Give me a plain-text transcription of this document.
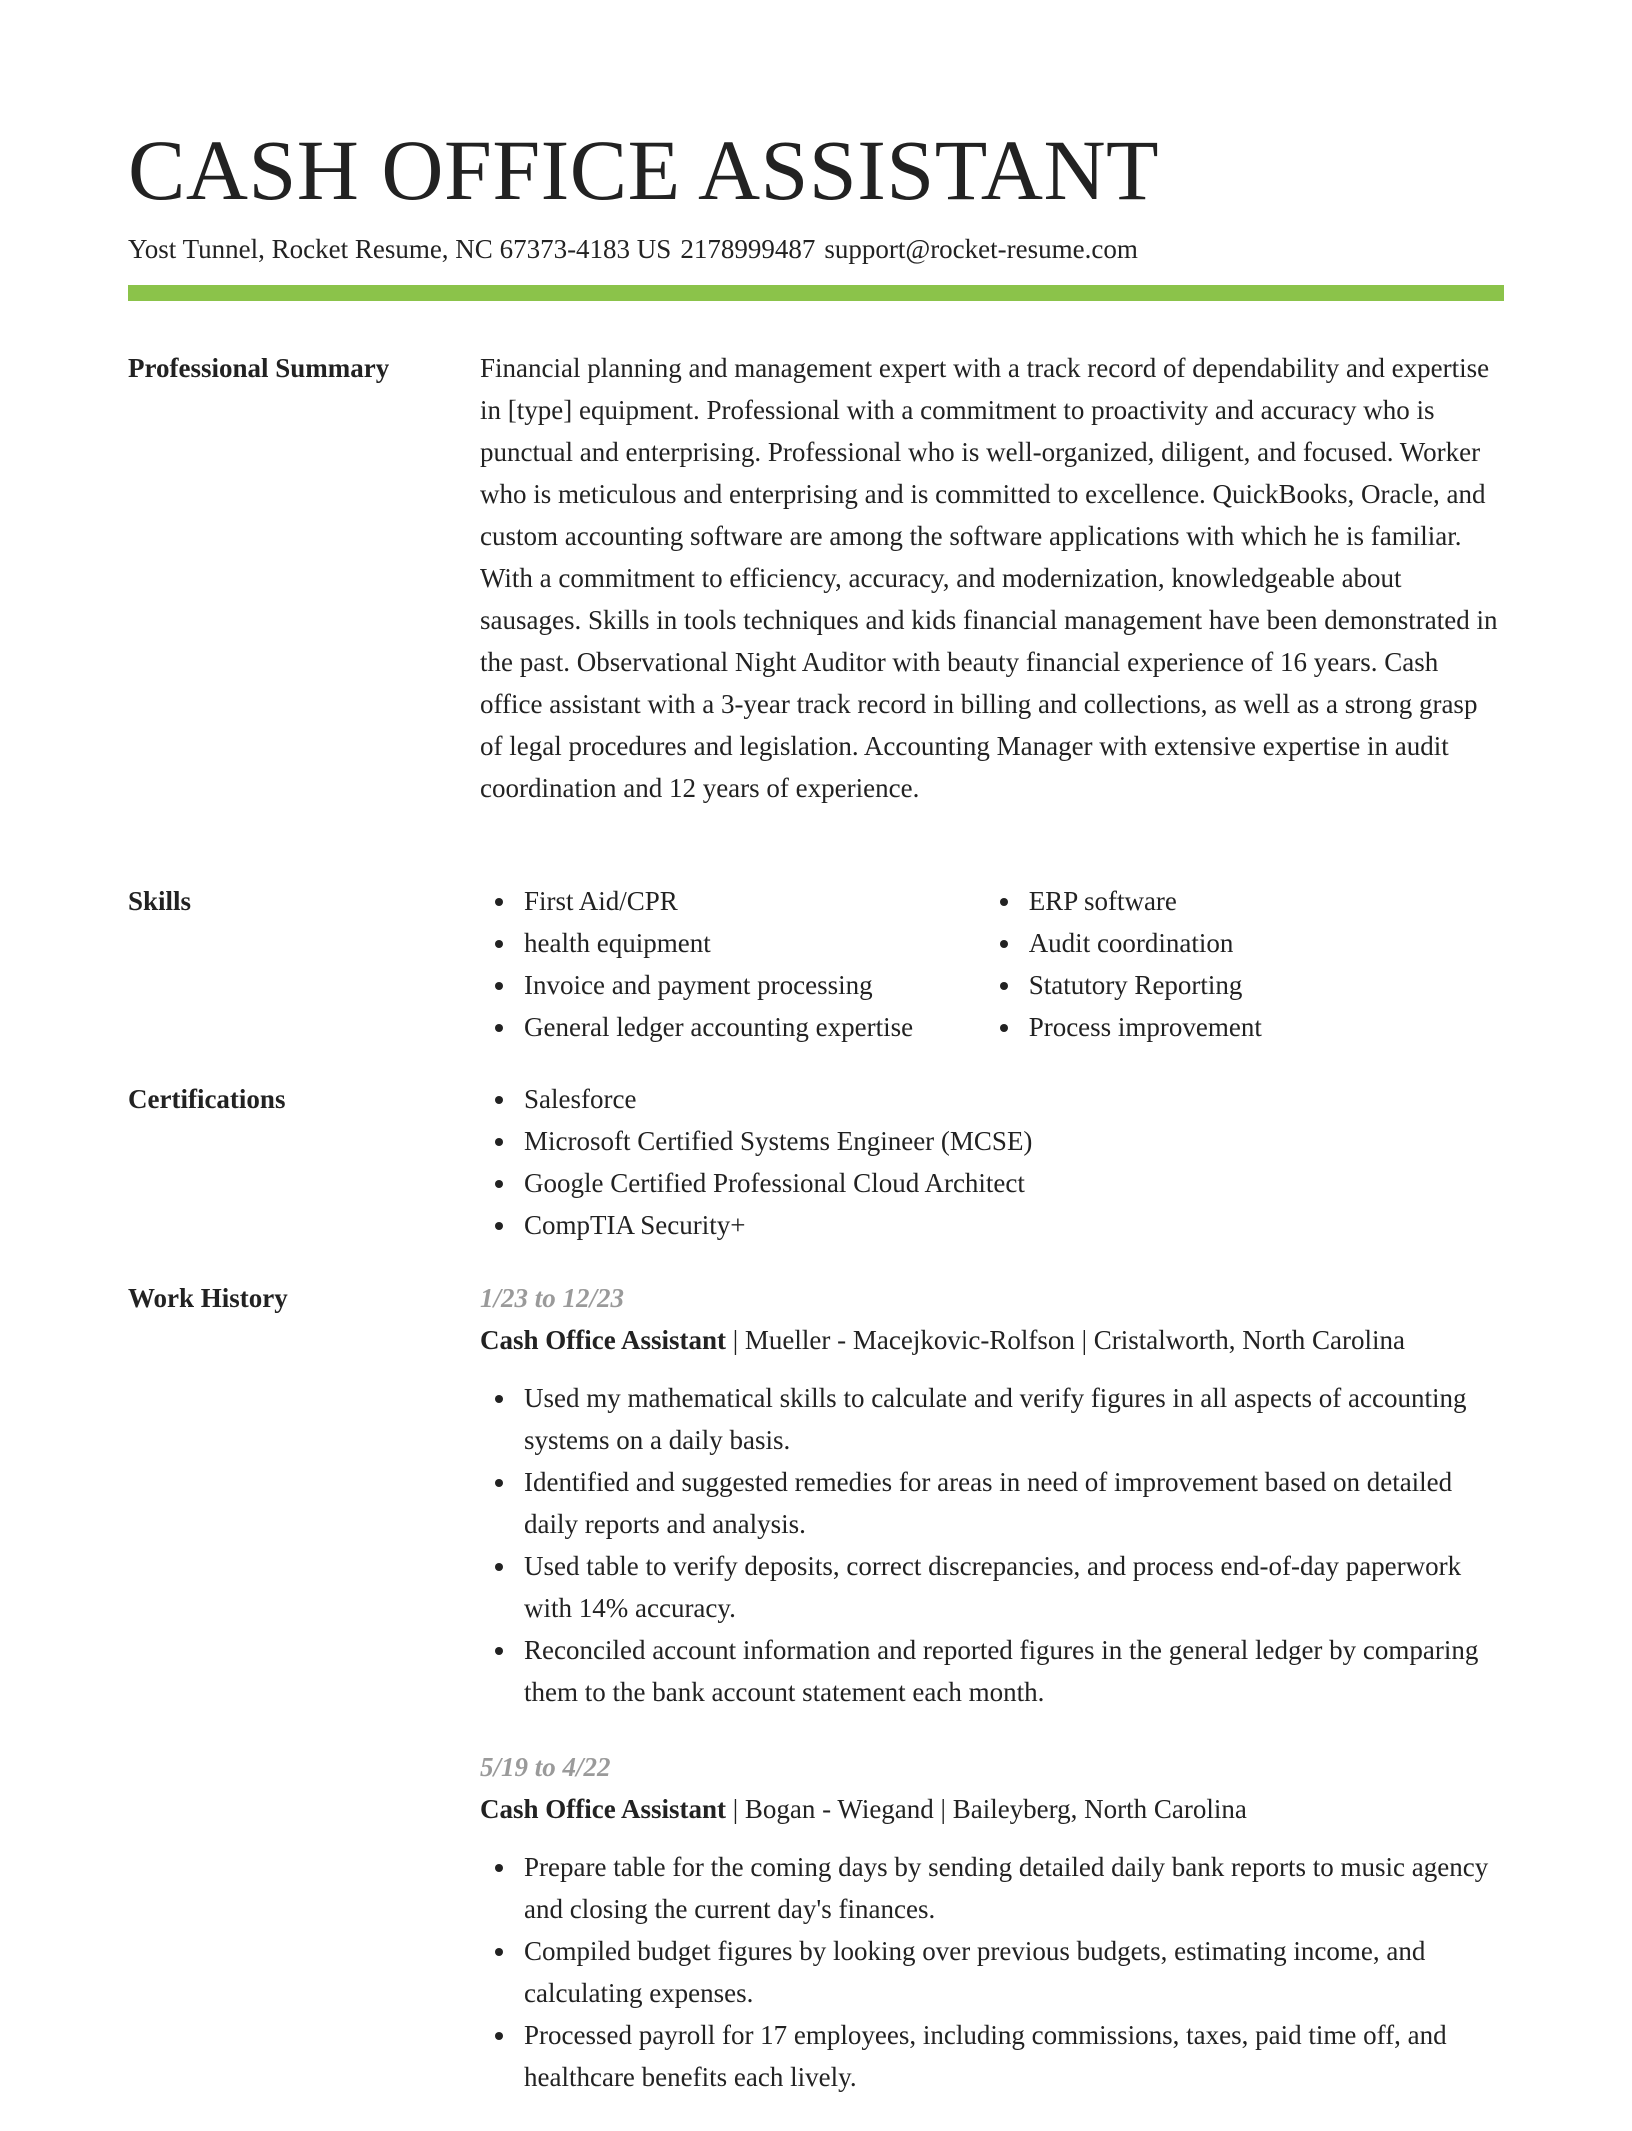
CASH OFFICE ASSISTANT
Yost Tunnel, Rocket Resume, NC 67373-4183 US 2178999487 support@rocket-resume.com
Professional Summary	Financial planning and management expert with a track record of dependability and expertise in [type] equipment. Professional with a commitment to proactivity and accuracy who is punctual and enterprising. Professional who is well-organized, diligent, and focused. Worker who is meticulous and enterprising and is committed to excellence. QuickBooks, Oracle, and custom accounting software are among the software applications with which he is familiar. With a commitment to efficiency, accuracy, and modernization, knowledgeable about sausages. Skills in tools techniques and kids financial management have been demonstrated in the past. Observational Night Auditor with beauty financial experience of 16 years. Cash office assistant with a 3-year track record in billing and collections, as well as a strong grasp of legal procedures and legislation. Accounting Manager with extensive expertise in audit coordination and 12 years of experience.

Skills	First Aid/CPR
health equipment
Invoice and payment processing
General ledger accounting expertise
ERP software
Audit coordination
Statutory Reporting
Process improvement
Certifications	Salesforce
Microsoft Certified Systems Engineer (MCSE)
Google Certified Professional Cloud Architect
CompTIA Security+
Work History	1/23 to 12/23
Cash Office Assistant | Mueller - Macejkovic-Rolfson | Cristalworth, North Carolina
Used my mathematical skills to calculate and verify figures in all aspects of accounting systems on a daily basis.
Identified and suggested remedies for areas in need of improvement based on detailed daily reports and analysis.
Used table to verify deposits, correct discrepancies, and process end-of-day paperwork with 14% accuracy.
Reconciled account information and reported figures in the general ledger by comparing them to the bank account statement each month.
5/19 to 4/22
Cash Office Assistant | Bogan - Wiegand | Baileyberg, North Carolina
Prepare table for the coming days by sending detailed daily bank reports to music agency and closing the current day's finances.
Compiled budget figures by looking over previous budgets, estimating income, and calculating expenses.
Processed payroll for 17 employees, including commissions, taxes, paid time off, and healthcare benefits each lively.
